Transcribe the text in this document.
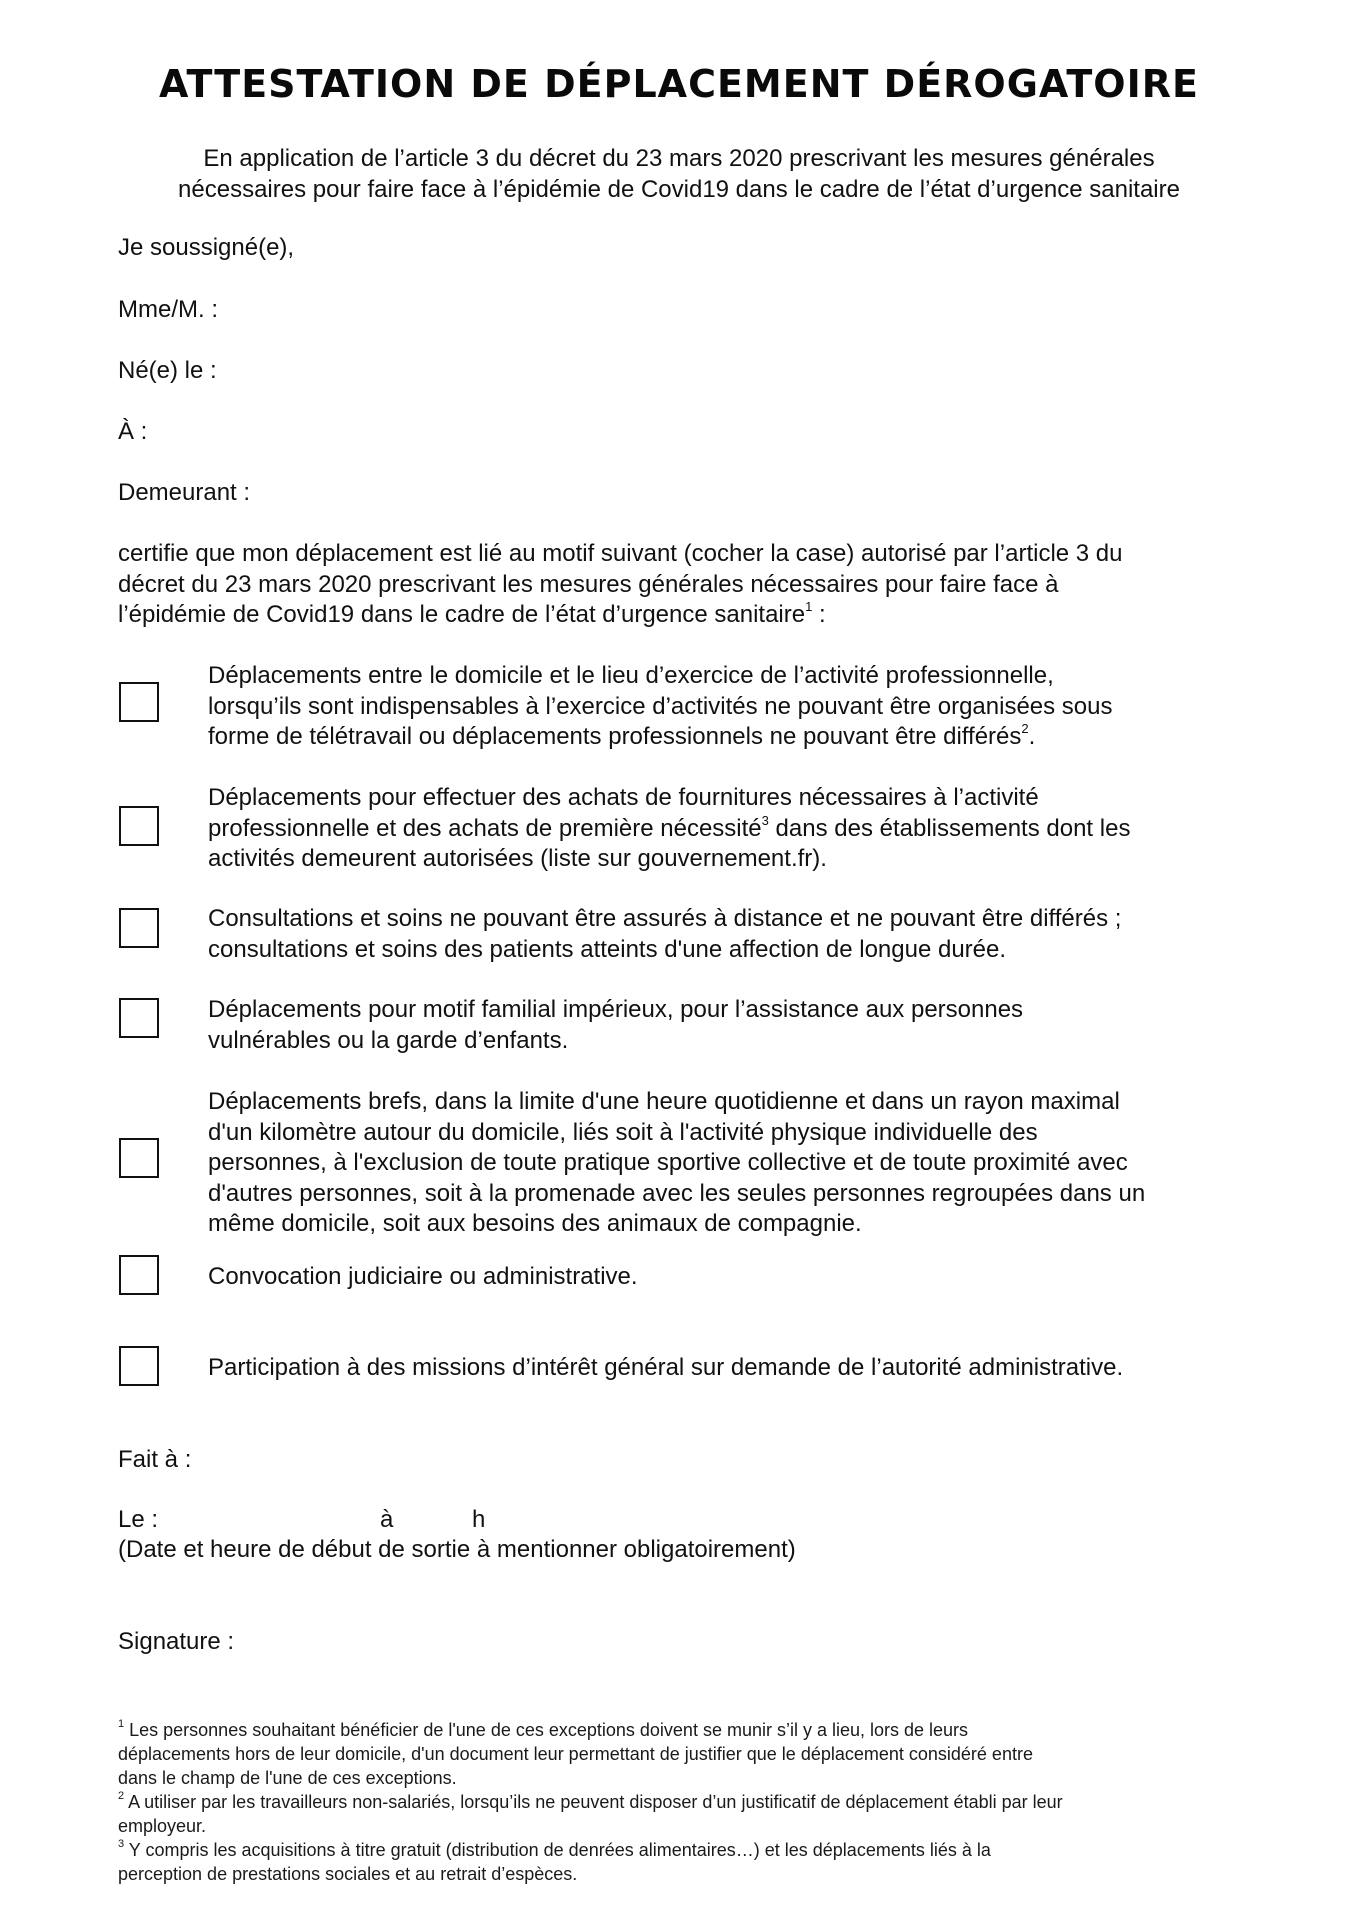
ATTESTATION DE DÉPLACEMENT DÉROGATOIRE
En application de l’article 3 du décret du 23 mars 2020 prescrivant les mesures générales
nécessaires pour faire face à l’épidémie de Covid19 dans le cadre de l’état d’urgence sanitaire
Je soussigné(e),
Mme/M. :
Né(e) le :
À :
Demeurant :

certifie que mon déplacement est lié au motif suivant (cocher la case) autorisé par l’article 3 du

décret du 23 mars 2020 prescrivant les mesures générales nécessaires pour faire face à

l’épidémie de Covid19 dans le cadre de l’état d’urgence sanitaire$^1$ :

Déplacements entre le domicile et le lieu d’exercice de l’activité professionnelle,
lorsqu’ils sont indispensables à l’exercice d’activités ne pouvant être organisées sous
forme de télétravail ou déplacements professionnels ne pouvant être différés$^2$.
Déplacements pour effectuer des achats de fournitures nécessaires à l’activité
professionnelle et des achats de première nécessité$^3$ dans des établissements dont les
activités demeurent autorisées (liste sur gouvernement.fr).
Consultations et soins ne pouvant être assurés à distance et ne pouvant être différés ;
consultations et soins des patients atteints d'une affection de longue durée.
Déplacements pour motif familial impérieux, pour l’assistance aux personnes
vulnérables ou la garde d’enfants.
Déplacements brefs, dans la limite d'une heure quotidienne et dans un rayon maximal
d'un kilomètre autour du domicile, liés soit à l'activité physique individuelle des
personnes, à l'exclusion de toute pratique sportive collective et de toute proximité avec
d'autres personnes, soit à la promenade avec les seules personnes regroupées dans un
même domicile, soit aux besoins des animaux de compagnie.
Convocation judiciaire ou administrative.
Participation à des missions d’intérêt général sur demande de l’autorité administrative.
Fait à :
Le :	à	h
(Date et heure de début de sortie à mentionner obligatoirement)
Signature :

$^1$ Les personnes souhaitant bénéficier de l'une de ces exceptions doivent se munir s’il y a lieu, lors de leurs

déplacements hors de leur domicile, d'un document leur permettant de justifier que le déplacement considéré entre

dans le champ de l'une de ces exceptions.

$^2$ A utiliser par les travailleurs non-salariés, lorsqu’ils ne peuvent disposer d’un justificatif de déplacement établi par leur

employeur.

$^3$ Y compris les acquisitions à titre gratuit (distribution de denrées alimentaires…) et les déplacements liés à la

perception de prestations sociales et au retrait d’espèces.
